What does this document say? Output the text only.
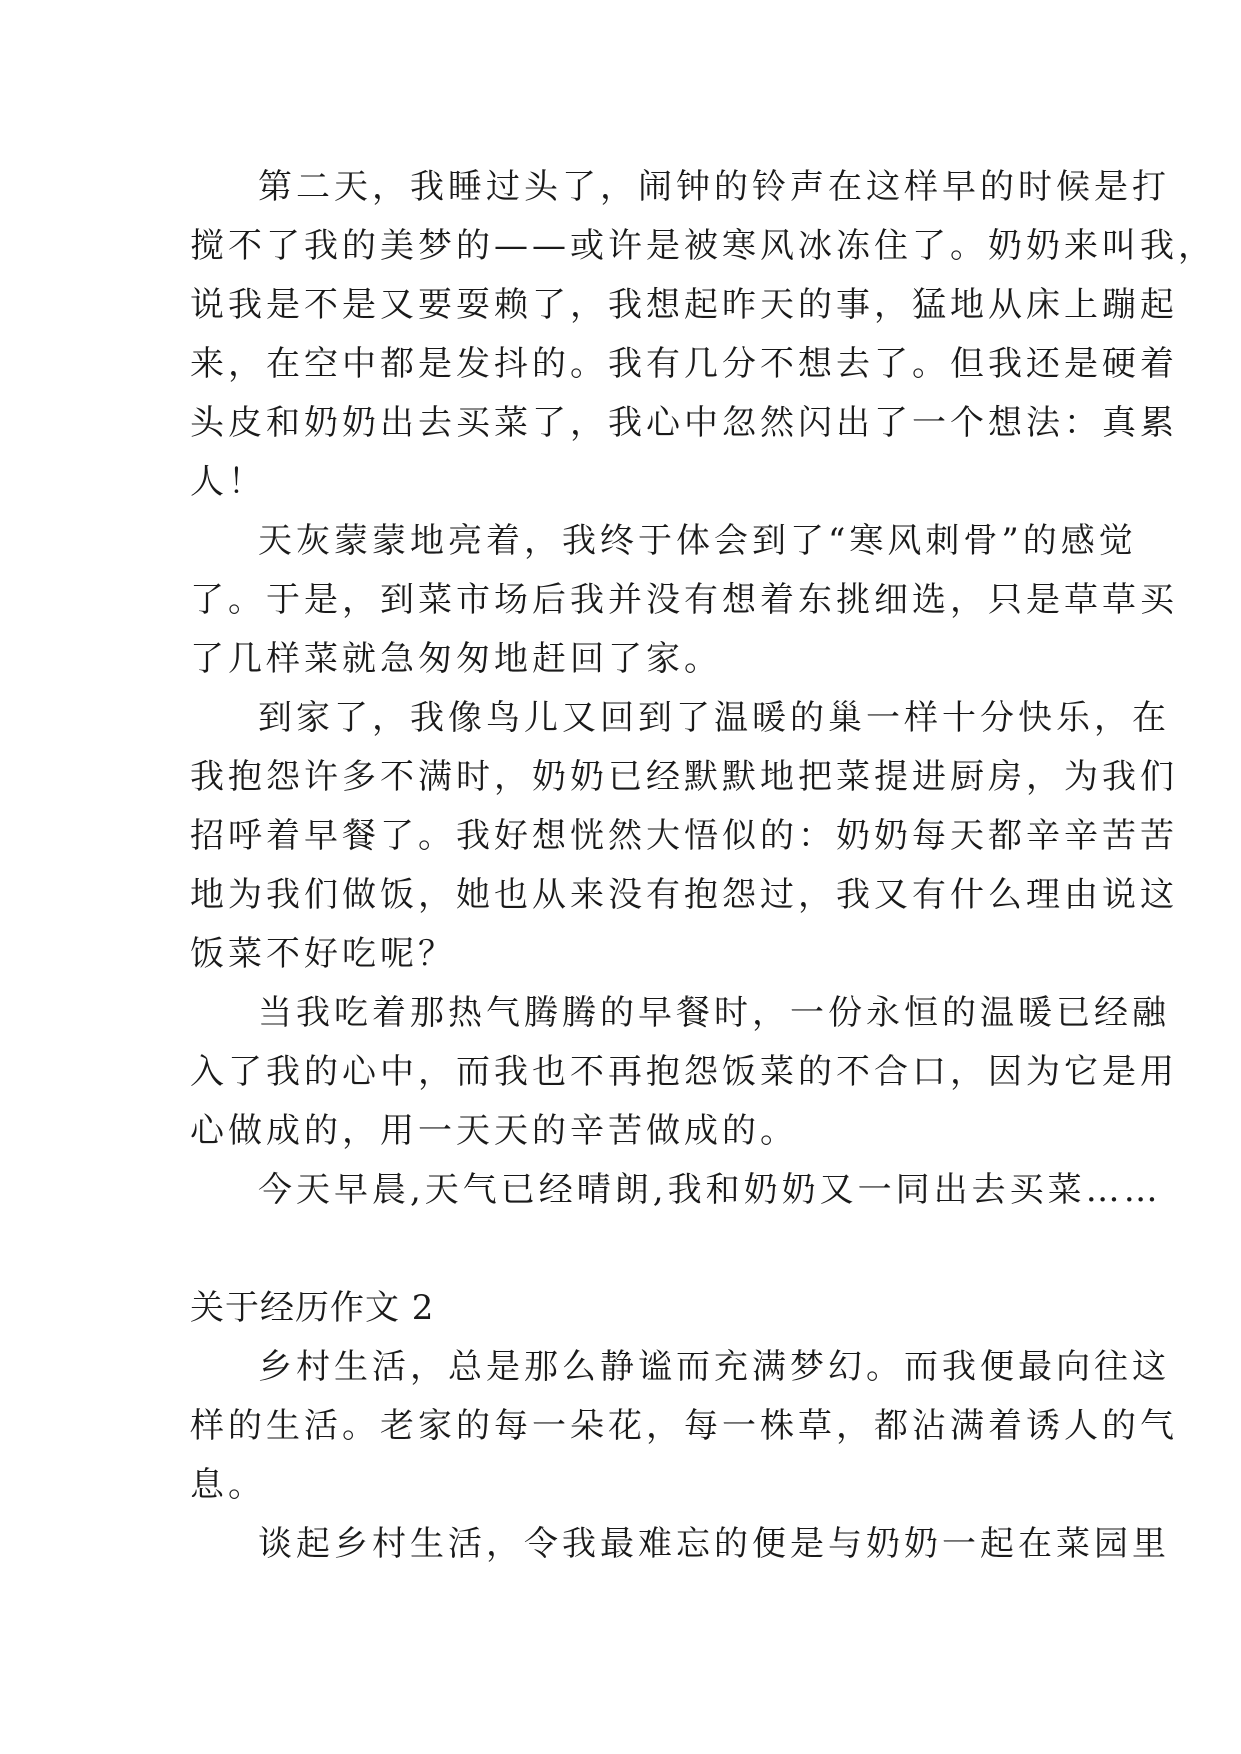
第二天，我睡过头了，闹钟的铃声在这样早的时候是打
搅不了我的美梦的——或许是被寒风冰冻住了。奶奶来叫我，
说我是不是又要耍赖了，我想起昨天的事，猛地从床上蹦起
来，在空中都是发抖的。我有几分不想去了。但我还是硬着
头皮和奶奶出去买菜了，我心中忽然闪出了一个想法：真累
人！
天灰蒙蒙地亮着，我终于体会到了“寒风刺骨”的感觉
了。于是，到菜市场后我并没有想着东挑细选，只是草草买
了几样菜就急匆匆地赶回了家。
到家了，我像鸟儿又回到了温暖的巢一样十分快乐，在
我抱怨许多不满时，奶奶已经默默地把菜提进厨房，为我们
招呼着早餐了。我好想恍然大悟似的：奶奶每天都辛辛苦苦
地为我们做饭，她也从来没有抱怨过，我又有什么理由说这
饭菜不好吃呢？
当我吃着那热气腾腾的早餐时，一份永恒的温暖已经融
入了我的心中，而我也不再抱怨饭菜的不合口，因为它是用
心做成的，用一天天的辛苦做成的。
今天早晨,天气已经晴朗,我和奶奶又一同出去买菜……
关于经历作文 2
乡村生活，总是那么静谧而充满梦幻。而我便最向往这
样的生活。老家的每一朵花，每一株草，都沾满着诱人的气
息。
谈起乡村生活，令我最难忘的便是与奶奶一起在菜园里
